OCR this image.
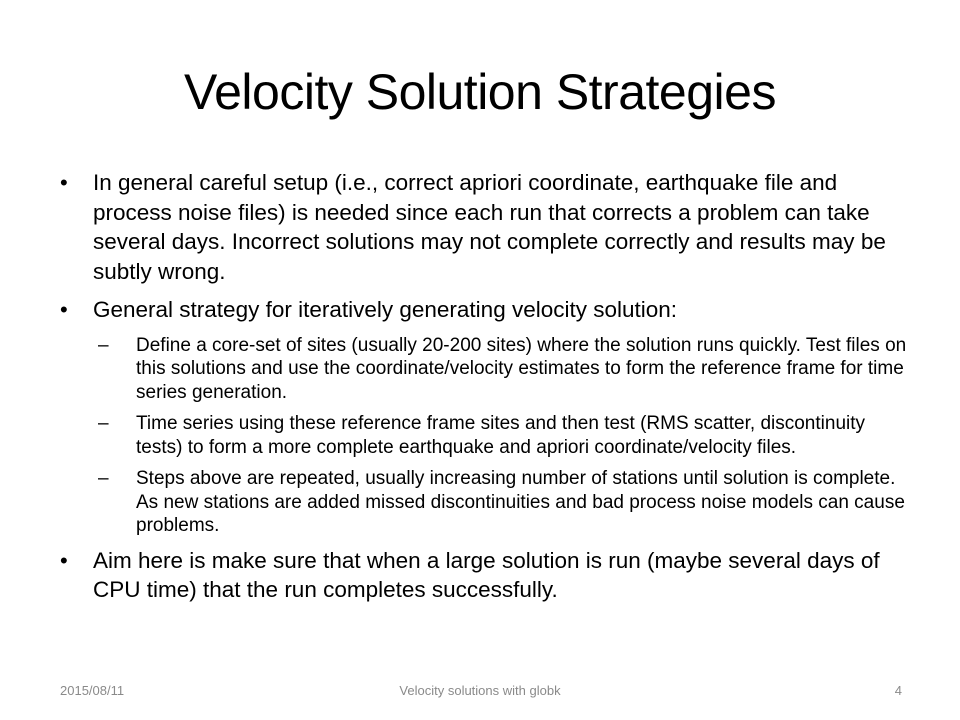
Velocity Solution Strategies
• In general careful setup (i.e., correct apriori coordinate, earthquake file and process noise files) is needed since each run that corrects a problem can take several days. Incorrect solutions may not complete correctly and results may be subtly wrong.
• General strategy for iteratively generating velocity solution:
– Define a core-set of sites (usually 20-200 sites) where the solution runs quickly. Test files on this solutions and use the coordinate/velocity estimates to form the reference frame for time series generation.
– Time series using these reference frame sites and then test (RMS scatter, discontinuity tests) to form a more complete earthquake and apriori coordinate/velocity files.
– Steps above are repeated, usually increasing number of stations until solution is complete. As new stations are added missed discontinuities and bad process noise models can cause problems.
• Aim here is make sure that when a large solution is run (maybe several days of CPU time) that the run completes successfully.
2015/08/11	Velocity solutions with globk	4
